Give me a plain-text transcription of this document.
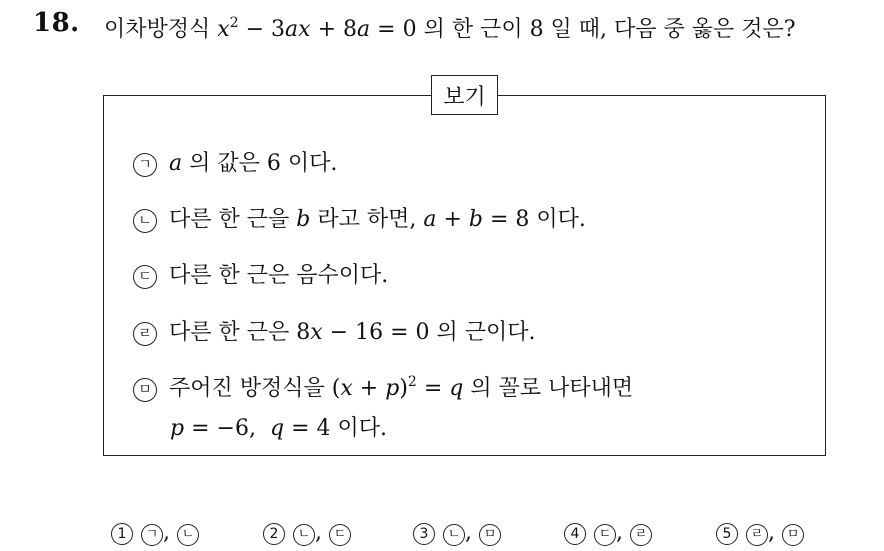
18. 이차방정식 $x^2 - 3ax + 8a = 0$ 의 한 근이 8 일 때, 다음 중 옳은 것은?
보기
ㄱ a 의 값은 6 이다.
ㄴ 다른 한 근을 b 라고 하면, a + b = 8 이다.
ㄷ 다른 한 근은 음수이다.
ㄹ 다른 한 근은 8x − 16 = 0 의 근이다.
ㅁ 주어진 방정식을 $(x + p)^2 = q$ 의 꼴로 나타내면
p = −6, q = 4 이다.
1 ㄱ , ㄴ	2 ㄴ , ㄷ	3 ㄴ , ㅁ	4 ㄷ , ㄹ	5 ㄹ , ㅁ
